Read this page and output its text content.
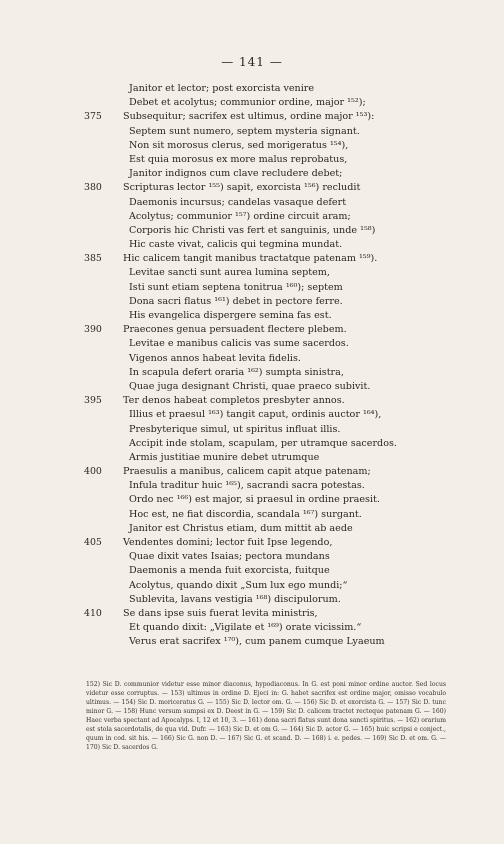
— 141 —
Janitor et lector; post exorcista venire
Debet et acolytus; communior ordine, major ¹⁵²);
375	Subsequitur; sacrifex est ultimus, ordine major ¹⁵³):
Septem sunt numero, septem mysteria signant.
Non sit morosus clerus, sed morigeratus ¹⁵⁴),
Est quia morosus ex more malus reprobatus,
Janitor indignos cum clave recludere debet;
380	Scripturas lector ¹⁵⁵) sapit, exorcista ¹⁵⁶) recludit
Daemonis incursus; candelas vasaque defert
Acolytus; communior ¹⁵⁷) ordine circuit aram;
Corporis hic Christi vas fert et sanguinis, unde ¹⁵⁸)
Hic caste vivat, calicis qui tegmina mundat.
385	Hic calicem tangit manibus tractatque patenam ¹⁵⁹).
Levitae sancti sunt aurea lumina septem,
Isti sunt etiam septena tonitrua ¹⁶⁰); septem
Dona sacri flatus ¹⁶¹) debet in pectore ferre.
His evangelica dispergere semina fas est.
390	Praecones genua persuadent flectere plebem.
Levitae e manibus calicis vas sume sacerdos.
Vigenos annos habeat levita fidelis.
In scapula defert oraria ¹⁶²) sumpta sinistra,
Quae juga designant Christi, quae praeco subivit.
395	Ter denos habeat completos presbyter annos.
Illius et praesul ¹⁶³) tangit caput, ordinis auctor ¹⁶⁴),
Presbyterique simul, ut spiritus influat illis.
Accipit inde stolam, scapulam, per utramque sacerdos.
Armis justitiae munire debet utrumque
400	Praesulis a manibus, calicem capit atque patenam;
Infula traditur huic ¹⁶⁵), sacrandi sacra potestas.
Ordo nec ¹⁶⁶) est major, si praesul in ordine praesit.
Hoc est, ne fiat discordia, scandala ¹⁶⁷) surgant.
Janitor est Christus etiam, dum mittit ab aede
405	Vendentes domini; lector fuit Ipse legendo,
Quae dixit vates Isaias; pectora mundans
Daemonis a menda fuit exorcista, fuitque
Acolytus, quando dixit „Sum lux ego mundi;“
Sublevita, lavans vestigia ¹⁶⁸) discipulorum.
410	Se dans ipse suis fuerat levita ministris,
Et quando dixit: „Vigilate et ¹⁶⁹) orate vicissim.“
Verus erat sacrifex ¹⁷⁰), cum panem cumque Lyaeum
152) Sic D. communior videtur esse minor diaconus, hypodiaconus. In G. est poni minor ordine auctor. Sed locus videtur esse corruptus. — 153) ultimus in ordine D. Ejeci in: G. habet sacrifex est ordine major, omisso vocabulo ultimus. — 154) Sic D. moriceratus G. — 155) Sic D. lector om. G. — 156) Sic D. et exorcista G. — 157) Sic D. tunc minor G. — 158) Hunc versum sumpsi ex D. Deest in G. — 159) Sic D. calicem tractet recteque patenam G. — 160) Haec verba spectant ad Apocalyps. I, 12 et 10, 3. — 161) dona sacri flatus sunt dona sancti spiritus. — 162) orarium est stola sacerdotalis, de qua vid. Dufr. — 163) Sic D. et om G. — 164) Sic D. actor G. — 165) huic scripsi e conject., quum in cod. sit his. — 166) Sic G. non D. — 167) Sic G. et scand. D. — 168) i. e. pedes. — 169) Sic D. et om. G. — 170) Sic D. sacerdos G.
